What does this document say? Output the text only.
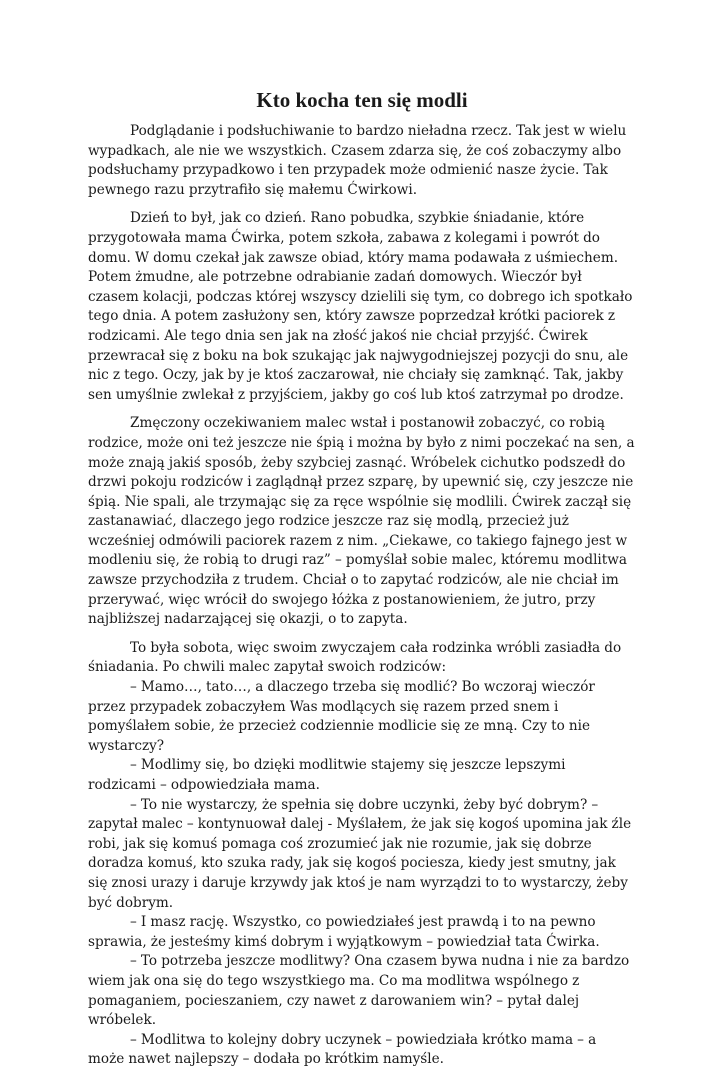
Kto kocha ten się modli

Podglądanie i podsłuchiwanie to bardzo nieładna rzecz. Tak jest w wielu wypadkach, ale nie we wszystkich. Czasem zdarza się, że coś zobaczymy albo podsłuchamy przypadkowo i ten przypadek może odmienić nasze życie. Tak pewnego razu przytrafiło się małemu Ćwirkowi.

Dzień to był, jak co dzień. Rano pobudka, szybkie śniadanie, które przygotowała mama Ćwirka, potem szkoła, zabawa z kolegami i powrót do domu. W domu czekał jak zawsze obiad, który mama podawała z uśmiechem. Potem żmudne, ale potrzebne odrabianie zadań domowych. Wieczór był czasem kolacji, podczas której wszyscy dzielili się tym, co dobrego ich spotkało tego dnia. A potem zasłużony sen, który zawsze poprzedzał krótki paciorek z rodzicami. Ale tego dnia sen jak na złość jakoś nie chciał przyjść. Ćwirek przewracał się z boku na bok szukając jak najwygodniejszej pozycji do snu, ale nic z tego. Oczy, jak by je ktoś zaczarował, nie chciały się zamknąć. Tak, jakby sen umyślnie zwlekał z przyjściem, jakby go coś lub ktoś zatrzymał po drodze.

Zmęczony oczekiwaniem malec wstał i postanowił zobaczyć, co robią rodzice, może oni też jeszcze nie śpią i można by było z nimi poczekać na sen, a może znają jakiś sposób, żeby szybciej zasnąć. Wróbelek cichutko podszedł do drzwi pokoju rodziców i zaglądnął przez szparę, by upewnić się, czy jeszcze nie śpią. Nie spali, ale trzymając się za ręce wspólnie się modlili. Ćwirek zaczął się zastanawiać, dlaczego jego rodzice jeszcze raz się modlą, przecież już wcześniej odmówili paciorek razem z nim. „Ciekawe, co takiego fajnego jest w modleniu się, że robią to drugi raz” – pomyślał sobie malec, któremu modlitwa zawsze przychodziła z trudem. Chciał o to zapytać rodziców, ale nie chciał im przerywać, więc wrócił do swojego łóżka z postanowieniem, że jutro, przy najbliższej nadarzającej się okazji, o to zapyta.

To była sobota, więc swoim zwyczajem cała rodzinka wróbli zasiadła do śniadania. Po chwili malec zapytał swoich rodziców:

– Mamo…, tato…, a dlaczego trzeba się modlić? Bo wczoraj wieczór przez przypadek zobaczyłem Was modlących się razem przed snem i pomyślałem sobie, że przecież codziennie modlicie się ze mną. Czy to nie wystarczy?

– Modlimy się, bo dzięki modlitwie stajemy się jeszcze lepszymi rodzicami – odpowiedziała mama.

– To nie wystarczy, że spełnia się dobre uczynki, żeby być dobrym? – zapytał malec – kontynuował dalej - Myślałem, że jak się kogoś upomina jak źle robi, jak się komuś pomaga coś zrozumieć jak nie rozumie, jak się dobrze doradza komuś, kto szuka rady, jak się kogoś pociesza, kiedy jest smutny, jak się znosi urazy i daruje krzywdy jak ktoś je nam wyrządzi to to wystarczy, żeby być dobrym.

– I masz rację. Wszystko, co powiedziałeś jest prawdą i to na pewno sprawia, że jesteśmy kimś dobrym i wyjątkowym – powiedział tata Ćwirka.

– To potrzeba jeszcze modlitwy? Ona czasem bywa nudna i nie za bardzo wiem jak ona się do tego wszystkiego ma. Co ma modlitwa wspólnego z pomaganiem, pocieszaniem, czy nawet z darowaniem win? – pytał dalej wróbelek.

– Modlitwa to kolejny dobry uczynek – powiedziała krótko mama – a może nawet najlepszy – dodała po krótkim namyśle.
